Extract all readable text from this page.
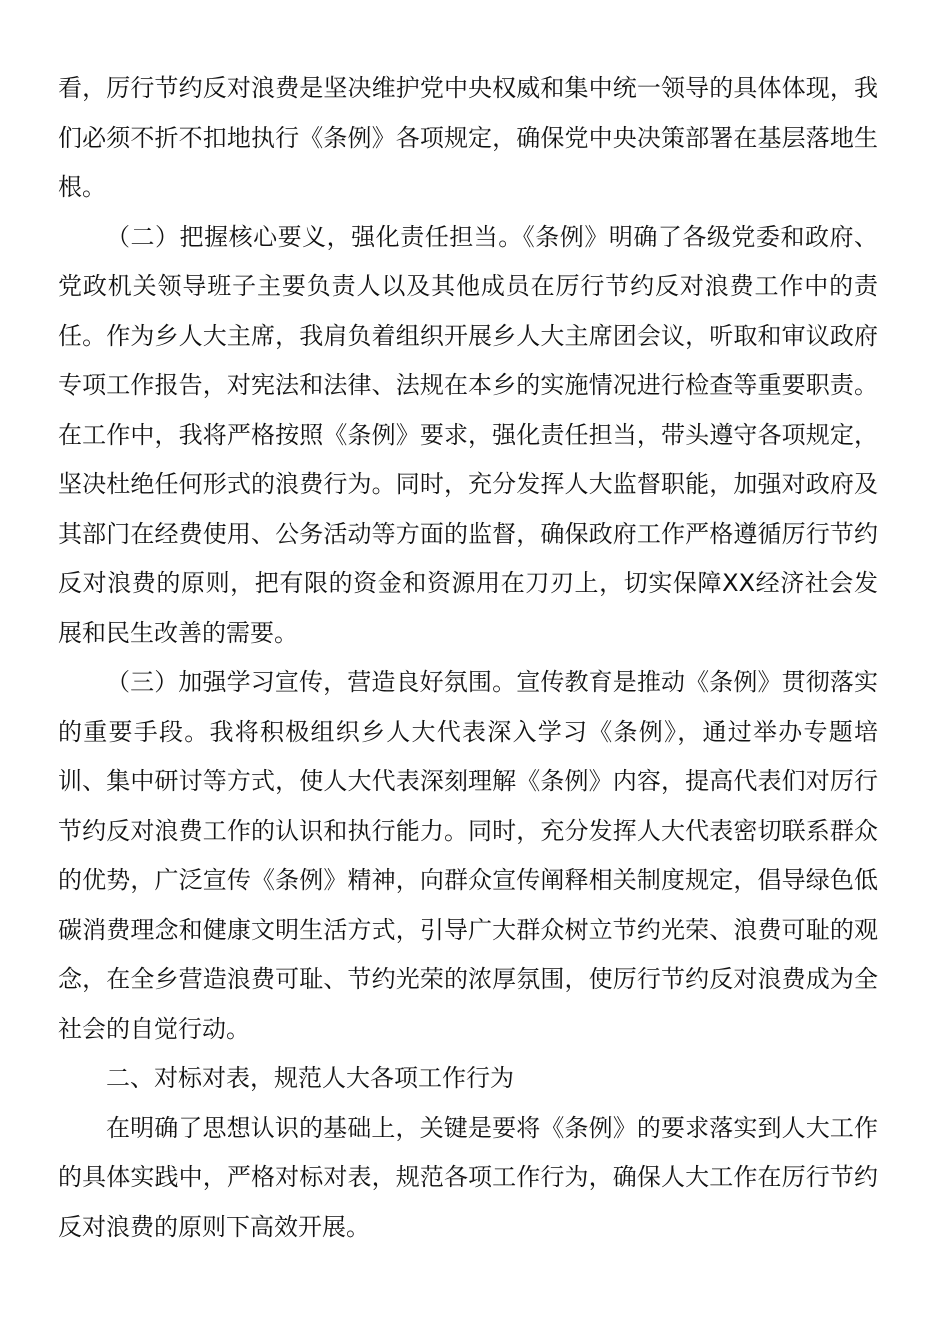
看，厉行节约反对浪费是坚决维护党中央权威和集中统一领导的具体体现，我们必须不折不扣地执行《条例》各项规定，确保党中央决策部署在基层落地生根。

（二）把握核心要义，强化责任担当。《条例》明确了各级党委和政府、党政机关领导班子主要负责人以及其他成员在厉行节约反对浪费工作中的责任。作为乡人大主席，我肩负着组织开展乡人大主席团会议，听取和审议政府专项工作报告，对宪法和法律、法规在本乡的实施情况进行检查等重要职责。在工作中，我将严格按照《条例》要求，强化责任担当，带头遵守各项规定，坚决杜绝任何形式的浪费行为。同时，充分发挥人大监督职能，加强对政府及其部门在经费使用、公务活动等方面的监督，确保政府工作严格遵循厉行节约反对浪费的原则，把有限的资金和资源用在刀刃上，切实保障XX经济社会发展和民生改善的需要。

（三）加强学习宣传，营造良好氛围。宣传教育是推动《条例》贯彻落实的重要手段。我将积极组织乡人大代表深入学习《条例》，通过举办专题培训、集中研讨等方式，使人大代表深刻理解《条例》内容，提高代表们对厉行节约反对浪费工作的认识和执行能力。同时，充分发挥人大代表密切联系群众的优势，广泛宣传《条例》精神，向群众宣传阐释相关制度规定，倡导绿色低碳消费理念和健康文明生活方式，引导广大群众树立节约光荣、浪费可耻的观念，在全乡营造浪费可耻、节约光荣的浓厚氛围，使厉行节约反对浪费成为全社会的自觉行动。

二、对标对表，规范人大各项工作行为

在明确了思想认识的基础上，关键是要将《条例》的要求落实到人大工作的具体实践中，严格对标对表，规范各项工作行为，确保人大工作在厉行节约反对浪费的原则下高效开展。
